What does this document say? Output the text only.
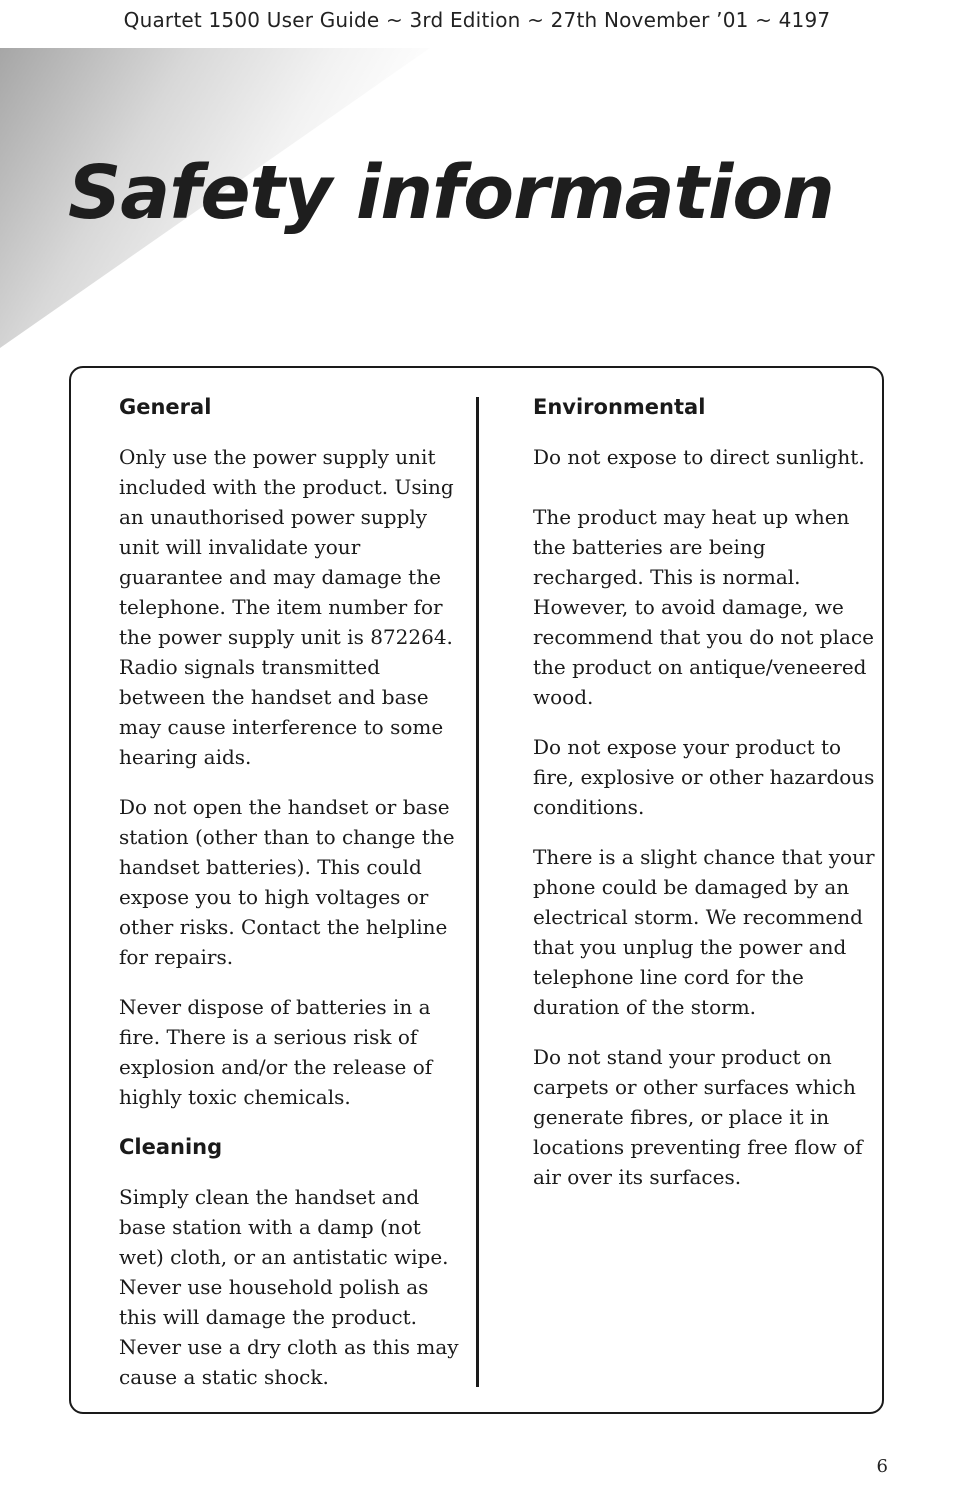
Quartet 1500 User Guide ~ 3rd Edition ~ 27th November ’01 ~ 4197
Safety information
General

Only use the power supply unit included with the product. Using an unauthorised power supply unit will invalidate your guarantee and may damage the telephone. The item number for the power supply unit is 872264. Radio signals transmitted between the handset and base may cause interference to some hearing aids.

Do not open the handset or base station (other than to change the handset batteries). This could expose you to high voltages or other risks. Contact the helpline for repairs.

Never dispose of batteries in a fire. There is a serious risk of explosion and/or the release of highly toxic chemicals.

Cleaning

Simply clean the handset and base station with a damp (not wet) cloth, or an antistatic wipe. Never use household polish as this will damage the product. Never use a dry cloth as this may cause a static shock.

Environmental

Do not expose to direct sunlight.

The product may heat up when the batteries are being recharged. This is normal. However, to avoid damage, we recommend that you do not place the product on antique/veneered wood.

Do not expose your product to fire, explosive or other hazardous conditions.

There is a slight chance that your phone could be damaged by an electrical storm. We recommend that you unplug the power and telephone line cord for the duration of the storm.

Do not stand your product on carpets or other surfaces which generate fibres, or place it in locations preventing free flow of air over its surfaces.

6
